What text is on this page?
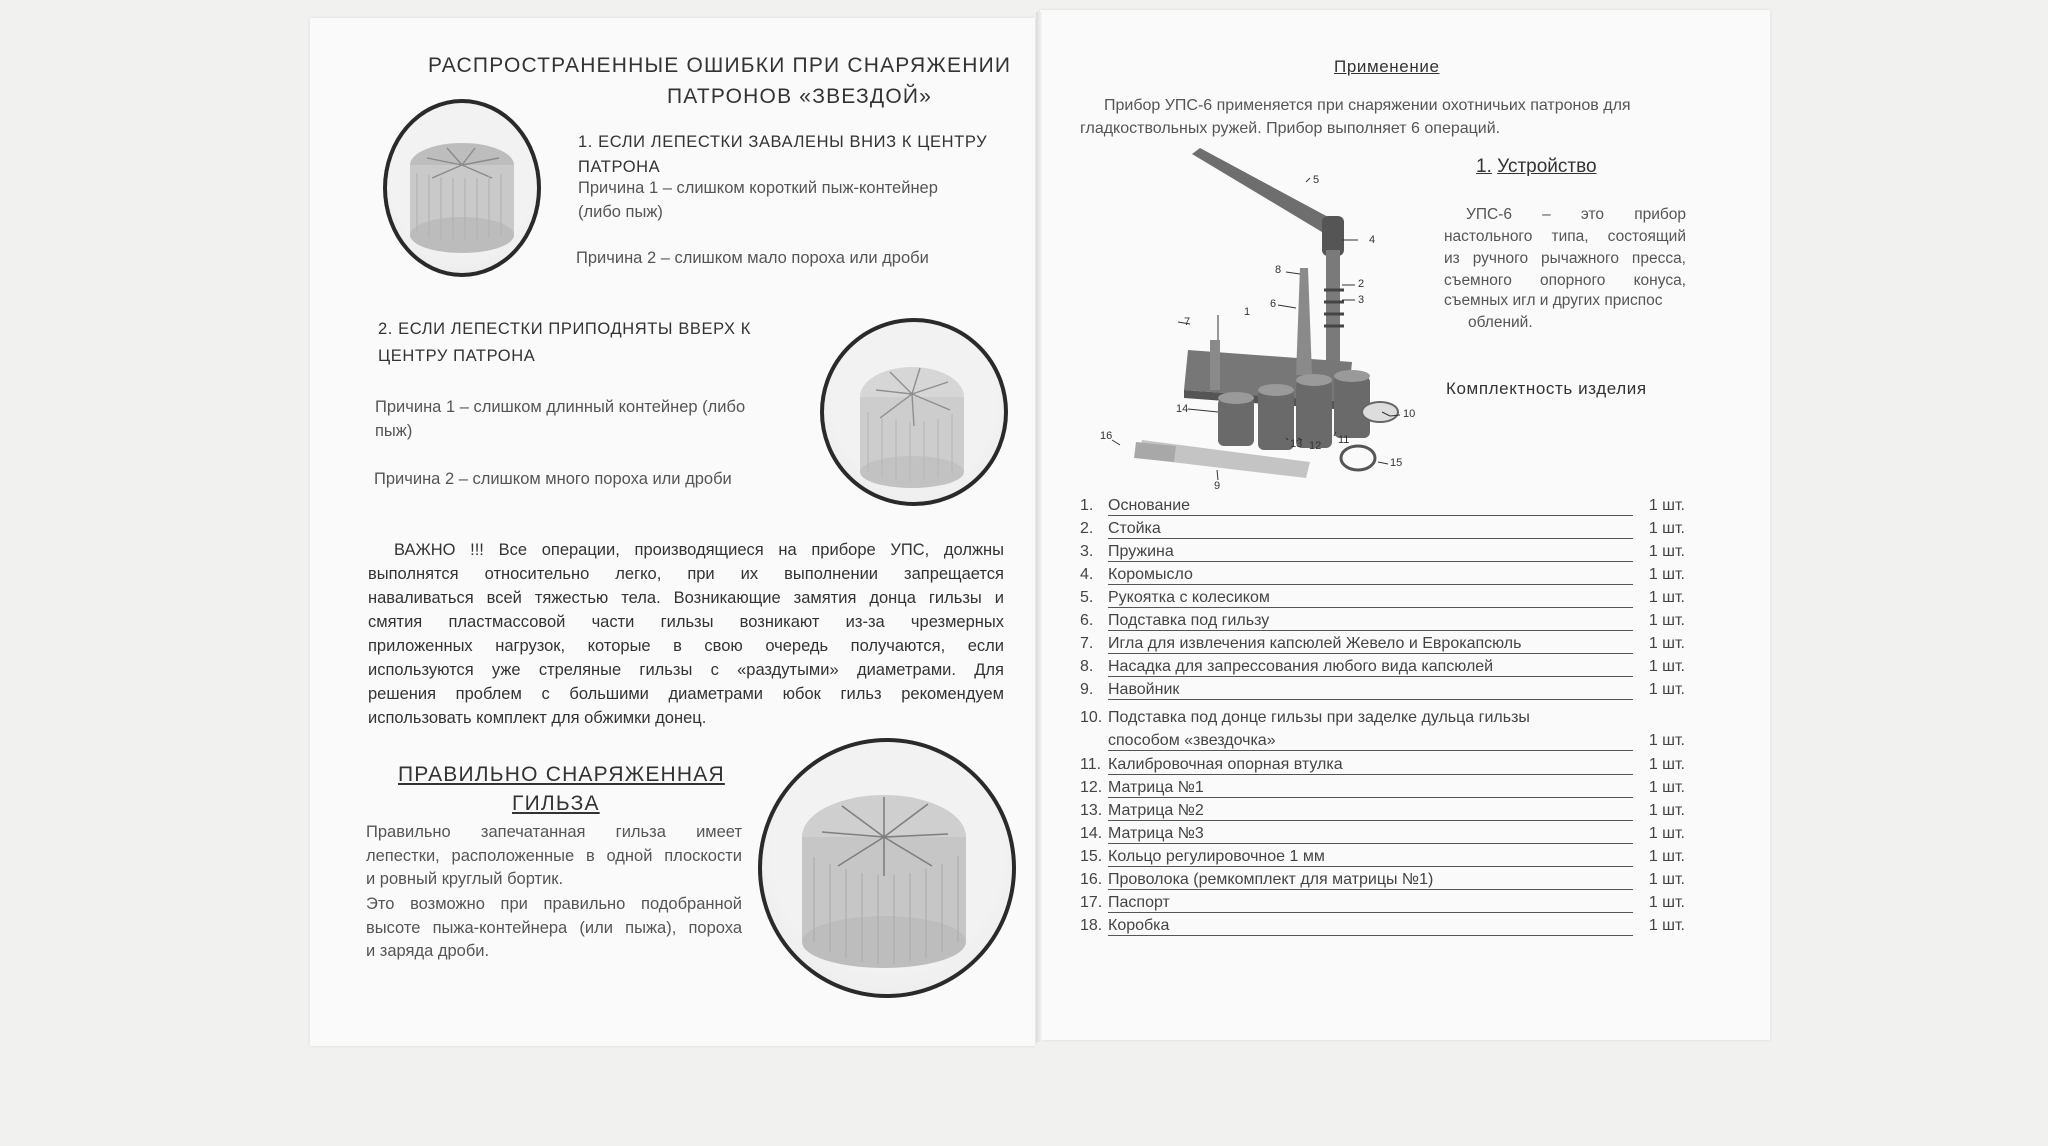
РАСПРОСТРАНЕННЫЕ ОШИБКИ ПРИ СНАРЯЖЕНИИ
ПАТРОНОВ «ЗВЕЗДОЙ»
1. ЕСЛИ ЛЕПЕСТКИ ЗАВАЛЕНЫ ВНИЗ К ЦЕНТРУ
ПАТРОНА
Причина 1 – слишком короткий пыж-контейнер
(либо пыж)
Причина 2 – слишком мало пороха или дроби
2. ЕСЛИ ЛЕПЕСТКИ ПРИПОДНЯТЫ ВВЕРХ К
ЦЕНТРУ ПАТРОНА
Причина 1 – слишком длинный контейнер (либо
пыж)
Причина 2 – слишком много пороха или дроби
ВАЖНО !!! Все операции, производящиеся на приборе УПС, должны
выполнятся относительно легко, при их выполнении запрещается
наваливаться всей тяжестью тела. Возникающие замятия донца гильзы и
смятия пластмассовой части гильзы возникают из-за чрезмерных
приложенных нагрузок, которые в свою очередь получаются, если
используются уже стреляные гильзы с «раздутыми» диаметрами. Для
решения проблем с большими диаметрами юбок гильз рекомендуем
использовать комплект для обжимки донец.
ПРАВИЛЬНО СНАРЯЖЕННАЯ
ГИЛЬЗА
Правильно запечатанная гильза имеет
лепестки, расположенные в одной плоскости
и ровный круглый бортик.
Это возможно при правильно подобранной
высоте пыжа-контейнера (или пыжа), пороха
и заряда дроби.
Применение
Прибор УПС-6 применяется при снаряжении охотничьих патронов для
гладкоствольных ружей. Прибор выполняет 6 операций.
1. Устройство
УПС-6 – это прибор
настольного типа, состоящий
из ручного рычажного пресса,
съемного опорного конуса,
съемных игл и других приспос
облений.
Комплектность изделия
5
4
8
2
3
6
1
7
10
14
11
12
13
16
15
9
1. Основание	1 шт.
2. Стойка	1 шт.
3. Пружина	1 шт.
4. Коромысло	1 шт.
5. Рукоятка с колесиком	1 шт.
6. Подставка под гильзу	1 шт.
7. Игла для извлечения капсюлей Жевело и Еврокапсюль	1 шт.
8. Насадка для запрессования любого вида капсюлей	1 шт.
9. Навойник	1 шт.
10. Подставка под донце гильзы при заделке дульца гильзы
способом «звездочка»	1 шт.
11. Калибровочная опорная втулка	1 шт.
12. Матрица №1	1 шт.
13. Матрица №2	1 шт.
14. Матрица №3	1 шт.
15. Кольцо регулировочное 1 мм	1 шт.
16. Проволока (ремкомплект для матрицы №1)	1 шт.
17. Паспорт	1 шт.
18. Коробка	1 шт.
